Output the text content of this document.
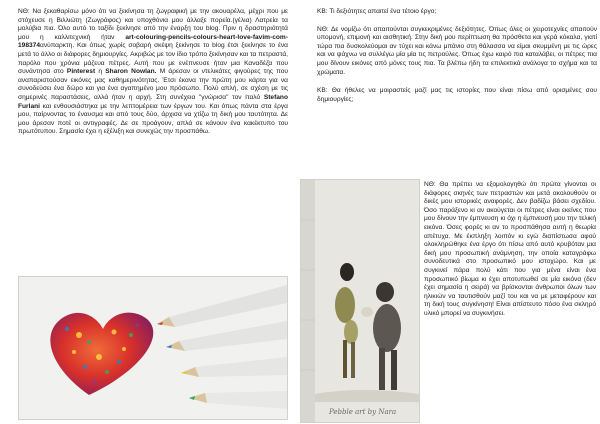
ΝΘ: Να ξεκαθαρίσω μόνο ότι να ξεκίνησα τη ζωγραφική με την ακουαρέλα, μέχρι που με στόχευσε η Βιλλιώτη (Ζωγράφος) και υποχθόνια μου άλλαξε πορεία.(γέλια) Λατρεία τα μολύβια πια. Όλο αυτό το ταξίδι ξεκίνησε από την έναρξη του blog. Πριν η δραστηριότητά μου η καλλιτεχνική ήταν art-colouring-pencils-colours-heart-love-favim-com-198374ανύπαρκτη. Και όπως χωρίς σοβαρή σκέψη ξεκίνησε το blog έτσι ξεκίνησε το ένα μετά το άλλο οι διάφορες δημιουργίες. Ακριβώς με τον ίδιο τρόπο ξεκίνησαν και τα πετραστά, παρόλο που χρόνια μάζευα πέτρες. Αυτή που με ενέπνευσε ήταν μια Καναδέζα που συνάντησα στο Pinterest η Sharon Nowlan. Μ άρεσαν οι ντελικάτες φιγούρες της που αναπαριστούσαν εικόνες μας καθημερινότητας. Έτσι έκανα την πρώτη μου κάρτα για να συνοδεύσει ένα δώρο και για ένα αγαπημένο μου πρόσωπο. Πολύ απλή, σε σχέση με τις σημερινές παραστάσεις, αλλά ήταν η αρχή. Στη συνέχεια "γνώρισα" τον Ιταλό Stefano Furlani και ενθουσιάστηκα με την λεπτομέρεια των έργων του. Και όπως πάντα στα έργα μου, παίρνοντας το έναυσμα και από τους δύο, άρχισα να χτίζω τη δική μου ταυτότητα. Δε μου άρεσαν ποτέ οι αντιγραφές. Δε σε προάγουν, απλά σε κάνουν ένα κακέκτυπο του πρωτότυπου. Σημασία έχει η εξέλιξη και συνεχώς την προσπάθω.

ΚΒ: Τι δεξιότητες απαιτεί ένα τέτοιο έργο;

ΝΘ: Δε νομίζω ότι απαιτούνται συγκεκριμένες δεξιότητες. Όπως όλες οι χειροτεχνίες απαιτούν υπομονή, επιμονή και αισθητική. Στην δική μου περίπτωση θα πρόσθετα και γερά κόκαλα, γιατί τώρα πια δυσκολεύομαι αν τύχει και κάνω μπάνιο στη θάλασσα να είμαι σκυμμένη με τις ώρες και να ψάχνω να συλλέγω μία μία τις πετρούλες. Όπως έχω καιρό πια καταλάβει, οι πέτρες πια μου δίνουν εικόνες από μόνες τους πια. Τα βλέπω ήδη τα επιλεκτικά ανάλογα το σχήμα και τα χρώματα.

ΚΒ: Θα ήθελες να μοιραστείς μαζί μας τις ιστορίες που είναι πίσω από ορισμένες σου δημιουργίες;

Pebble art by Nara

ΝΘ: Θα πρέπει να εξομολογηθώ ότι πρώτα γίνονται οι διάφορες σκηνές των πετραστών και μετά ακολουθούν οι δικές μου ιστορικές αναφορές. Δεν βαδίζω βάσει σχεδίου. Όσο παράξενο κι αν ακούγεται οι πέτρες είναι εκείνες που μου δίνουν την έμπνευση κι όχι η έμπνευσή μου την τελική εικόνα. Όσες φορές κι αν το προσπάθησα αυτή η θεωρία απέτυχα. Με έκπληξη λοιπόν κι εγώ διαπίστωσα αφού ολοκληρώθηκε ένα έργο ότι πίσω από αυτό κρυβόταν μια δική μου προσωπική ανάμνηση, την οποία καταγράφω συνοδευτικά στο προσωπικό μου ιστοχώρο. Και με συγκινεί πάρα πολύ κάτι που για μένα είναι ένα προσωπικό βίωμα κι έχει αποτυπωθεί σε μία εικόνα (δεν έχει σημασία η σειρά) να βρίσκονται άνθρωποι όλων των ηλικιών να ταυτισθούν μαζί του και να με μεταφέρουν και τη δική τους συγκίνηση! Είναι απίστευτο πόσο ένα σκληρό υλικό μπορεί να συγκινήσει.
